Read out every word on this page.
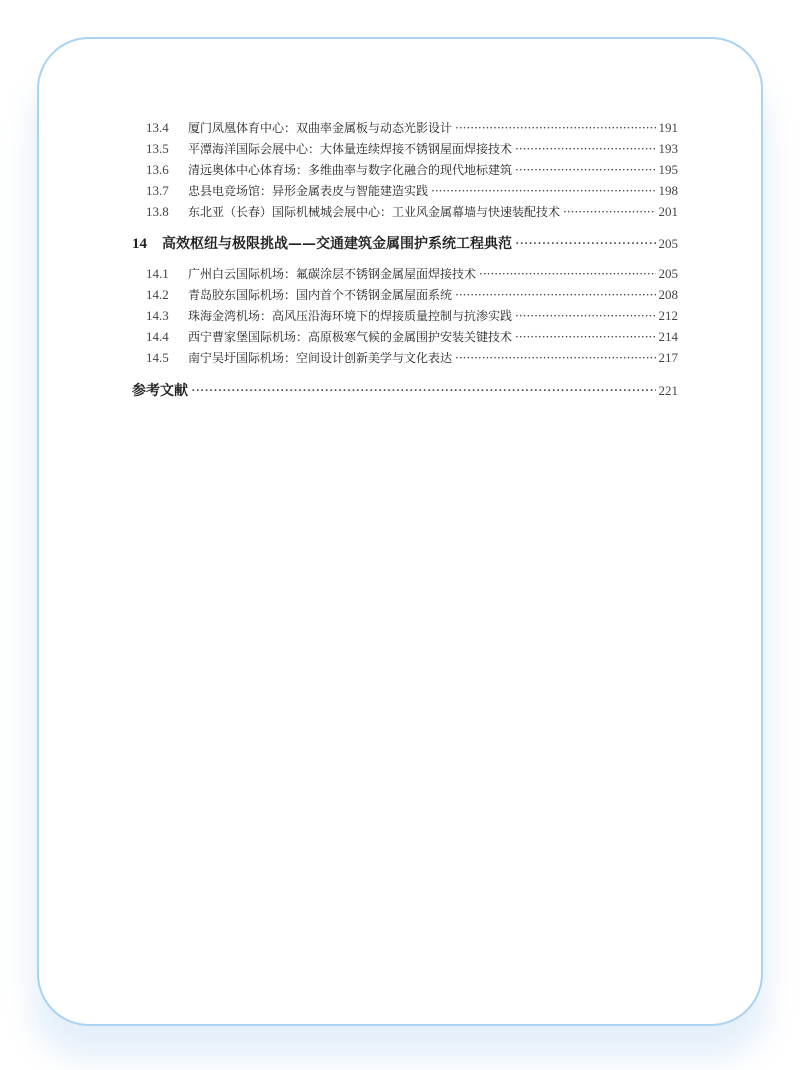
13.4	厦门凤凰体育中心：双曲率金属板与动态光影设计 ·····	191
13.5	平潭海洋国际会展中心：大体量连续焊接不锈钢屋面焊接技术 ·····	193
13.6	清远奥体中心体育场：多维曲率与数字化融合的现代地标建筑 ·····	195
13.7	忠县电竞场馆：异形金属表皮与智能建造实践 ·····	198
13.8	东北亚（长春）国际机械城会展中心：工业风金属幕墙与快速装配技术 ·····	201
14	高效枢纽与极限挑战——交通建筑金属围护系统工程典范 ·····	205
14.1	广州白云国际机场：氟碳涂层不锈钢金属屋面焊接技术 ·····	205
14.2	青岛胶东国际机场：国内首个不锈钢金属屋面系统 ·····	208
14.3	珠海金湾机场：高风压沿海环境下的焊接质量控制与抗渗实践 ·····	212
14.4	西宁曹家堡国际机场：高原极寒气候的金属围护安装关键技术 ·····	214
14.5	南宁吴圩国际机场：空间设计创新美学与文化表达 ·····	217
参考文献 ·····	221
